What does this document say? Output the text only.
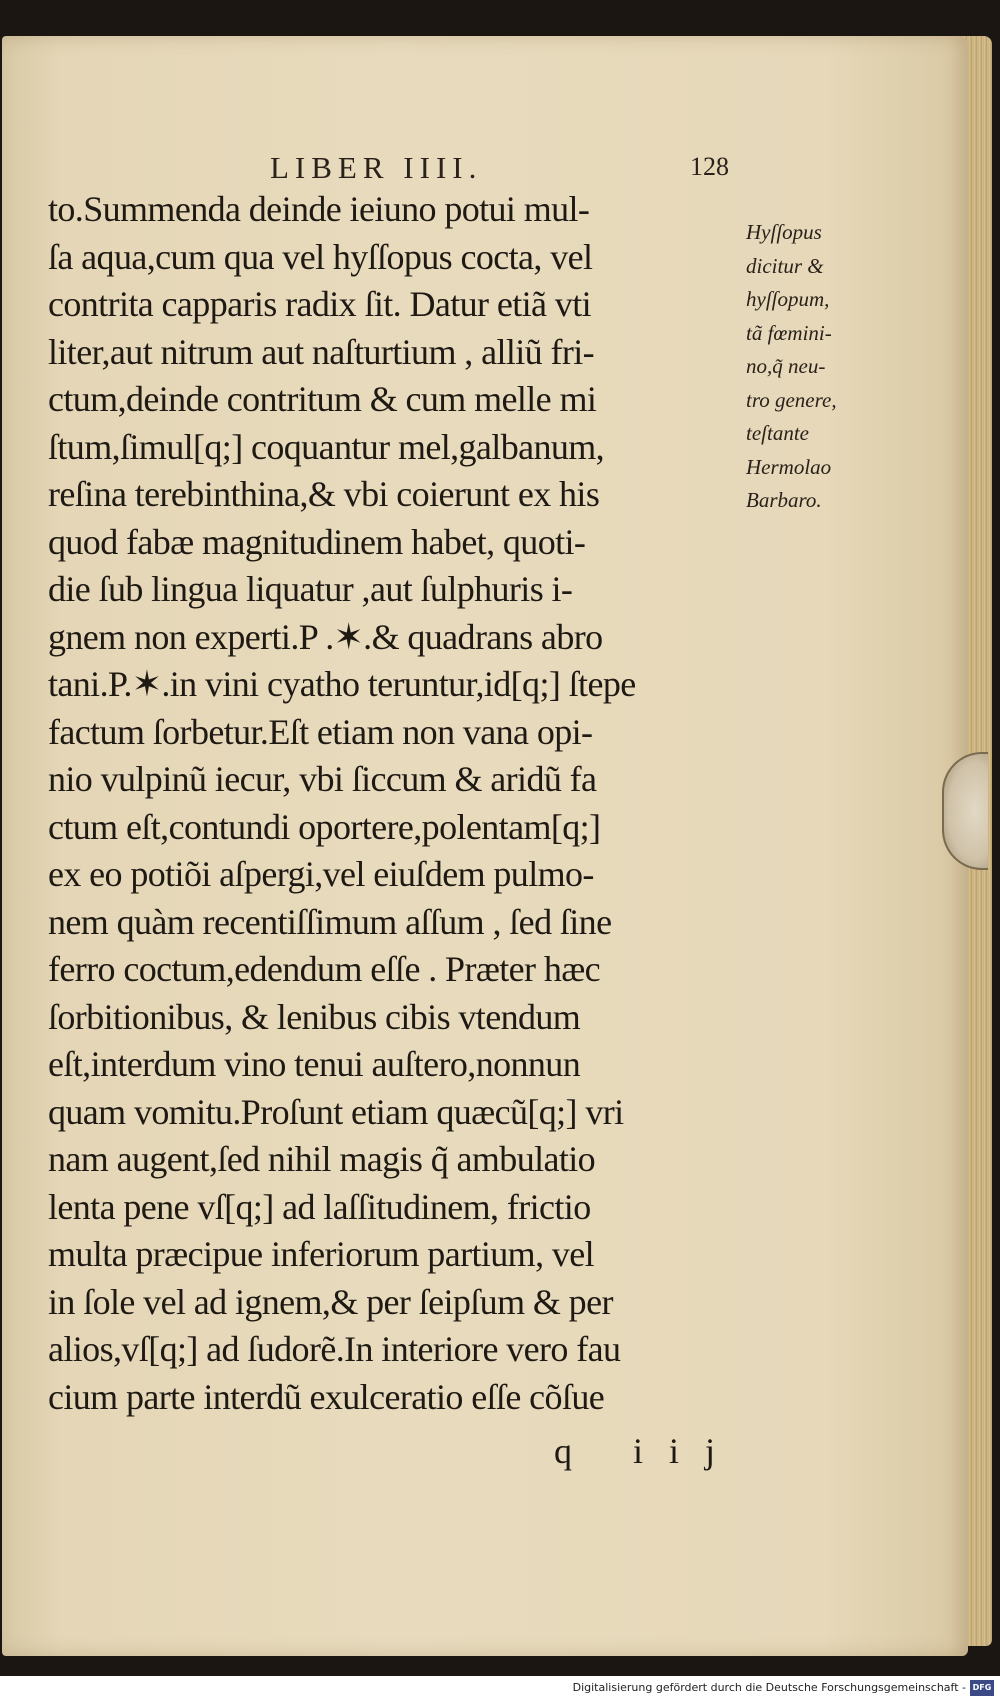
LIBER IIII.	128
to.Summenda deinde ieiuno potui mul-
ſa aqua,cum qua vel hyſſopus cocta, vel
contrita capparis radix ſit. Datur etiã vti
liter,aut nitrum aut naſturtium , alliũ fri-
ctum,deinde contritum & cum melle mi
ſtum,ſimul[q;] coquantur mel,galbanum,
reſina terebinthina,& vbi coierunt ex his
quod fabæ magnitudinem habet, quoti-
die ſub lingua liquatur ,aut ſulphuris i-
gnem non experti.P .✶.& quadrans abro
tani.P.✶.in vini cyatho teruntur,id[q;] ſtepe
factum ſorbetur.Eſt etiam non vana opi-
nio vulpinũ iecur, vbi ſiccum & aridũ fa
ctum eſt,contundi oportere,polentam[q;]
ex eo potiõi aſpergi,vel eiuſdem pulmo-
nem quàm recentiſſimum aſſum , ſed ſine
ferro coctum,edendum eſſe . Præter hæc
ſorbitionibus, & lenibus cibis vtendum
eſt,interdum vino tenui auſtero,nonnun
quam vomitu.Proſunt etiam quæcũ[q;] vri
nam augent,ſed nihil magis q̃ ambulatio
lenta pene vſ[q;] ad laſſitudinem, frictio
multa præcipue inferiorum partium, vel
in ſole vel ad ignem,& per ſeipſum & per
alios,vſ[q;] ad ſudorẽ.In interiore vero fau
cium parte interdũ exulceratio eſſe cõſue
Hyſſopus
dicitur &
hyſſopum,
tã fœmini-
no,q̃ neu-
tro genere,
teſtante
Hermolao
Barbaro.
q iij
Digitalisierung gefördert durch die Deutsche Forschungsgemeinschaft - DFG
